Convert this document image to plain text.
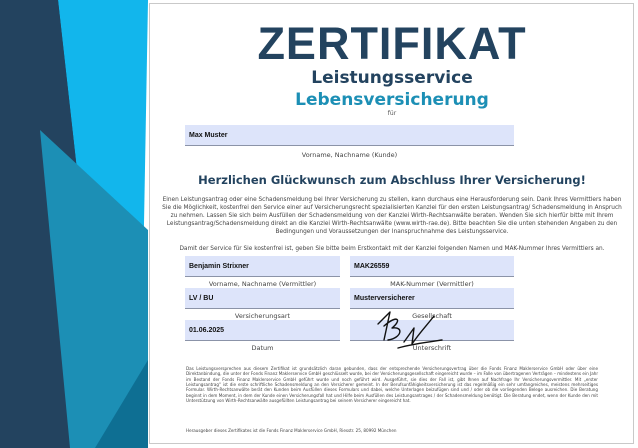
ZERTIFIKAT
Leistungsservice
Lebensversicherung
für
Max Muster
Vorname, Nachname (Kunde)
Herzlichen Glückwunsch zum Abschluss Ihrer Versicherung!
Einen Leistungsantrag oder eine Schadensmeldung bei Ihrer Versicherung zu stellen, kann durchaus eine Herausforderung sein. Dank Ihres Vermittlers haben Sie die Möglichkeit, kostenfrei den Service einer auf Versicherungsrecht spezialisierten Kanzlei für den ersten Leistungsantrag/ Schadensmeldung in Anspruch zu nehmen. Lassen Sie sich beim Ausfüllen der Schadensmeldung von der Kanzlei Wirth-Rechtsanwälte beraten. Wenden Sie sich hierfür bitte mit Ihrem Leistungsantrag/Schadensmeldung direkt an die Kanzlei Wirth-Rechtsanwälte (www.wirth-rae.de). Bitte beachten Sie die unten stehenden Angaben zu den Bedingungen und Voraussetzungen der Inanspruchnahme des Leistungsservice.
Damit der Service für Sie kostenfrei ist, geben Sie bitte beim Erstkontakt mit der Kanzlei folgenden Namen und MAK-Nummer Ihres Vermittlers an.
Benjamin Strixner
Vorname, Nachname (Vermittler)
MAK26559
MAK-Nummer (Vermittler)
LV / BU
Versicherungsart
Musterversicherer
Gesellschaft
01.06.2025
Datum	Unterschrift
Das Leistungsversprechen aus diesem Zertifikat ist grundsätzlich daran gebunden, dass der entsprechende Versicherungsvertrag über die Fonds Finanz Maklerservice GmbH oder über eine Direktanbindung, die unter der Fonds Finanz Maklerservice GmbH geschlüsselt wurde, bei der Versicherungsgesellschaft eingereicht wurde – im Falle von übertragenen Verträgen – mindestens ein Jahr im Bestand der Fonds Finanz Maklerservice GmbH geführt wurde und noch geführt wird. Ausgeführt, sie dies der Fall ist, gibt Ihnen auf Nachfrage Ihr Versicherungsvermittler. Mit „erster Leistungsantrag“ ist die erste schriftliche Schadensmeldung an den Versicherer gemeint. In der Berufsunfähigkeitsversicherung ist das regelmäßig ein sehr umfangreiches, meistens mehrseitiges Formular. Wirth-Rechtsanwälte berät den Kunden beim Ausfüllen dieses Formulars und dabei, welche Unterlagen beizufügen sind und / oder ob die vorliegenden Belege ausreichen. Die Beratung beginnt in dem Moment, in dem der Kunde einen Versicherungsfall hat und Hilfe beim Ausfüllen des Leistungsantrages / der Schadensmeldung benötigt. Die Beratung endet, wenn der Kunde den mit Unterstützung von Wirth-Rechtsanwälte ausgefüllten Leistungsantrag bei seinem Versicherer eingereicht hat.
Herausgeber dieses Zertifikates ist die Fonds Finanz Maklerservice GmbH, Riesstr. 25, 80992 München
